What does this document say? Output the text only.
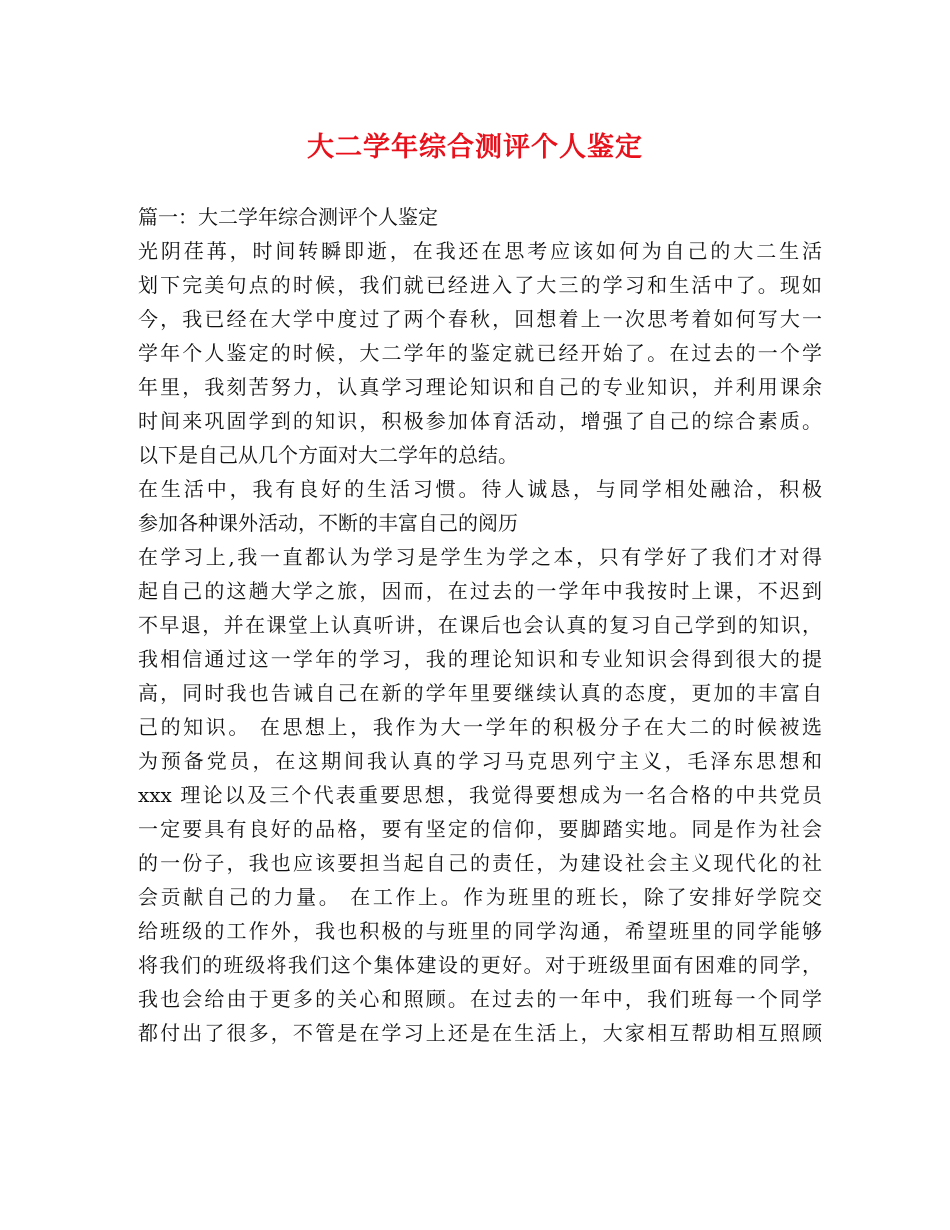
大二学年综合测评个人鉴定
篇一：大二学年综合测评个人鉴定
光阴荏苒，时间转瞬即逝，在我还在思考应该如何为自己的大二生活
划下完美句点的时候，我们就已经进入了大三的学习和生活中了。现如
今，我已经在大学中度过了两个春秋，回想着上一次思考着如何写大一
学年个人鉴定的时候，大二学年的鉴定就已经开始了。在过去的一个学
年里，我刻苦努力，认真学习理论知识和自己的专业知识，并利用课余
时间来巩固学到的知识，积极参加体育活动，增强了自己的综合素质。
以下是自己从几个方面对大二学年的总结。
在生活中，我有良好的生活习惯。待人诚恳，与同学相处融洽，积极
参加各种课外活动，不断的丰富自己的阅历
在学习上,我一直都认为学习是学生为学之本，只有学好了我们才对得
起自己的这趟大学之旅，因而，在过去的一学年中我按时上课，不迟到
不早退，并在课堂上认真听讲，在课后也会认真的复习自己学到的知识，
我相信通过这一学年的学习，我的理论知识和专业知识会得到很大的提
高，同时我也告诫自己在新的学年里要继续认真的态度，更加的丰富自
己的知识。 在思想上，我作为大一学年的积极分子在大二的时候被选
为预备党员，在这期间我认真的学习马克思列宁主义，毛泽东思想和
xxx 理论以及三个代表重要思想，我觉得要想成为一名合格的中共党员
一定要具有良好的品格，要有坚定的信仰，要脚踏实地。同是作为社会
的一份子，我也应该要担当起自己的责任，为建设社会主义现代化的社
会贡献自己的力量。 在工作上。作为班里的班长，除了安排好学院交
给班级的工作外，我也积极的与班里的同学沟通，希望班里的同学能够
将我们的班级将我们这个集体建设的更好。对于班级里面有困难的同学，
我也会给由于更多的关心和照顾。在过去的一年中，我们班每一个同学
都付出了很多，不管是在学习上还是在生活上，大家相互帮助相互照顾
